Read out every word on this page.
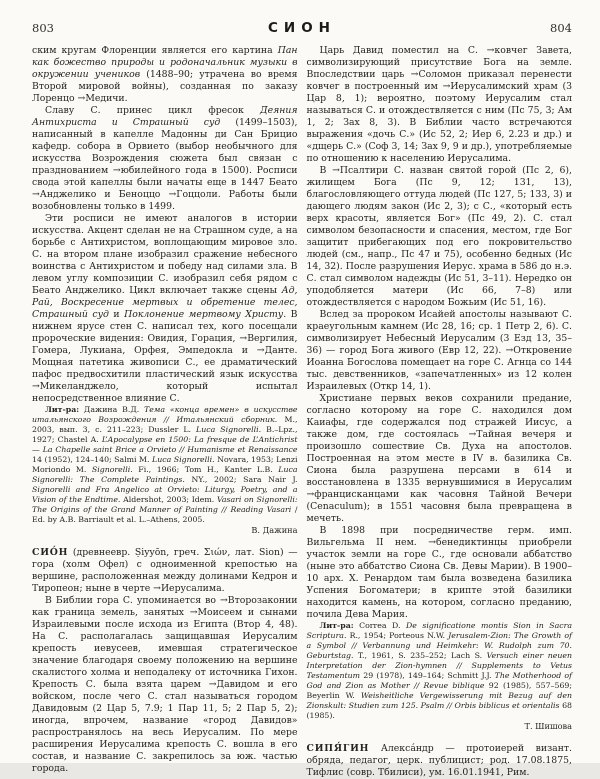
803	СИОН	804

ским кругам Флоренции является его картина Пан как божество природы и родоначальник музыки в окружении учеников (1488–90; утрачена во время Второй мировой войны), созданная по заказу Лоренцо →Медичи.

Славу С. принес цикл фресок Деяния Антихриста и Страшный суд (1499–1503), написанный в капелле Мадонны ди Сан Брицио кафедр. собора в Орвието (выбор необычного для искусства Возрождения сюжета был связан с празднованием →юбилейного года в 1500). Росписи свода этой капеллы были начаты еще в 1447 Беато →Анджелико и Беноццо →Гоццоли. Работы были возобновлены только в 1499.

Эти росписи не имеют аналогов в истории искусства. Акцент сделан не на Страшном суде, а на борьбе с Антихристом, воплощающим мировое зло. С. на втором плане изобразил сражение небесного воинства с Антихристом и победу над силами зла. В левом углу композиции С. изобразил себя рядом с Беато Анджелико. Цикл включает также сцены Ад, Рай, Воскресение мертвых и обретение телес, Страшный суд и Поклонение мертвому Христу. В нижнем ярусе стен С. написал тех, кого посещали пророческие видения: Овидия, Горация, →Вергилия, Гомера, Лукиана, Орфея, Эмпедокла и →Данте. Мощная патетика живописи С., ее драматический пафос предвосхитили пластический язык искусства →Микеланджело, который испытал непосредственное влияние С.

Лит-ра: Дажина В.Д. Тема «конца времен» в искусстве итальянского Возрождения // Итальянский сборник. М., 2003, вып. 3, с. 211–223; Dussler L. Luca Signorelli. B.–Lpz., 1927; Chastel A. L’Apocalypse en 1500: La fresque de L’Antichrist — La Chapelle saint Brice a Orvieto // Humanisme et Renaissance 14 (1952), 124–140; Salmi M. Luca Signorelli. Novara, 1953; Lenzi Moriondo M. Signorelli. Fi., 1966; Tom H., Kanter L.B. Luca Signorelli: The Complete Paintings. NY., 2002; Sara Nair J. Signorelli and Fra Angelico at Orvieto: Liturgy, Poetry, and a Vision of the Endtime. Aldershot, 2003; Idem. Vasari on Signorelli: The Origins of the Grand Manner of Painting // Reading Vasari / Ed. by A.B. Barriault et al. L.–Athens, 2005.

В. Дажина

СИО́Н (древнеевр. Ṣiyyōn, греч. Σιών, лат. Sion) — гора (холм Офел) с одноименной крепостью на вершине, расположенная между долинами Кедрон и Тиропеон; ныне в черте →Иерусалима.

В Библии гора С. упоминается во →Второзаконии как граница земель, занятых →Моисеем и сынами Израилевыми после исхода из Египта (Втор 4, 48). На С. располагалась защищавшая Иерусалим крепость иевусеев, имевшая стратегическое значение благодаря своему положению на вершине скалистого холма и неподалеку от источника Гихон. Крепость С. была взята царем →Давидом и его войском, после чего С. стал называться городом Давидовым (2 Цар 5, 7.9; 1 Пар 11, 5; 2 Пар 5, 2); иногда, впрочем, название «город Давидов» распространялось на весь Иерусалим. По мере расширения Иерусалима крепость С. вошла в его состав, и название С. закрепилось за юж. частью города.

Царь Давид поместил на С. →ковчег Завета, символизирующий присутствие Бога на земле. Впоследствии царь →Соломон приказал перенести ковчег в построенный им →Иерусалимский храм (3 Цар 8, 1); вероятно, поэтому Иерусалим стал называться С. и отождествляется с ним (Пс 75, 3; Ам 1, 2; Зах 8, 3). В Библии часто встречаются выражения «дочь С.» (Ис 52, 2; Иер 6, 2.23 и др.) и «дщерь С.» (Соф 3, 14; Зах 9, 9 и др.), употребляемые по отношению к населению Иерусалима.

В →Псалтири С. назван святой горой (Пс 2, 6), жилищем Бога (Пс 9, 12; 131, 13), благословляющего оттуда людей (Пс 127, 5; 133, 3) и дающего людям закон (Ис 2, 3); с С., «который есть верх красоты, является Бог» (Пс 49, 2). С. стал символом безопасности и спасения, местом, где Бог защитит прибегающих под его покровительство людей (см., напр., Пс 47 и 75), особенно бедных (Ис 14, 32). После разрушения Иерус. храма в 586 до н.э. С. стал символом надежды (Ис 51, 3–11). Нередко он уподобляется матери (Ис 66, 7–8) или отождествляется с народом Божьим (Ис 51, 16).

Вслед за пророком Исайей апостолы называют С. краеугольным камнем (Ис 28, 16; ср. 1 Петр 2, 6). С. символизирует Небесный Иерусалим (3 Езд 13, 35–36) — город Бога живого (Евр 12, 22). →Откровение Иоанна Богослова помещает на горе С. Агнца со 144 тыс. девственников, «запечатленных» из 12 колен Израилевых (Откр 14, 1).

Христиане первых веков сохранили предание, согласно которому на горе С. находился дом Каиафы, где содержался под стражей Иисус, а также дом, где состоялась →Тайная вечеря и произошло сошествие Св. Духа на апостолов. Построенная на этом месте в IV в. базилика Св. Сиона была разрушена персами в 614 и восстановлена в 1335 вернувшимися в Иерусалим →францисканцами как часовня Тайной Вечери (Cenaculum); в 1551 часовня была превращена в мечеть.

В 1898 при посредничестве герм. имп. Вильгельма II нем. →бенедиктинцы приобрели участок земли на горе С., где основали аббатство (ныне это аббатство Сиона Св. Девы Марии). В 1900–10 арх. Х. Ренардом там была возведена базилика Успения Богоматери; в крипте этой базилики находится камень, на котором, согласно преданию, почила Дева Мария.

Лит-ра: Correa D. De significatione montis Sion in Sacra Scriptura. R., 1954; Porteous N.W. Jerusalem-Zion: The Growth of a Symbol // Verbannung und Heimkehr: W. Rudolph zum 70. Geburtstag. T., 1961, S. 235–252; Lach S. Versuch einer neuen Interpretation der Zion-hymnen // Supplements to Vetus Testamentum 29 (1978), 149–164; Schmitt J.J. The Motherhood of God and Zion as Mother // Revue biblique 92 (1985), 557–569; Beyerlin W. Weisheitliche Vergewisserung mit Bezug auf den Zionskult: Studien zum 125. Psalm // Orbis biblicus et orientalis 68 (1985).

Т. Шишова

СИПЯ́ГИН Алекса́ндр — протоиерей визант. обряда, педагог, церк. публицист; род. 17.08.1875, Тифлис (совр. Тбилиси), ум. 16.01.1941, Рим.
